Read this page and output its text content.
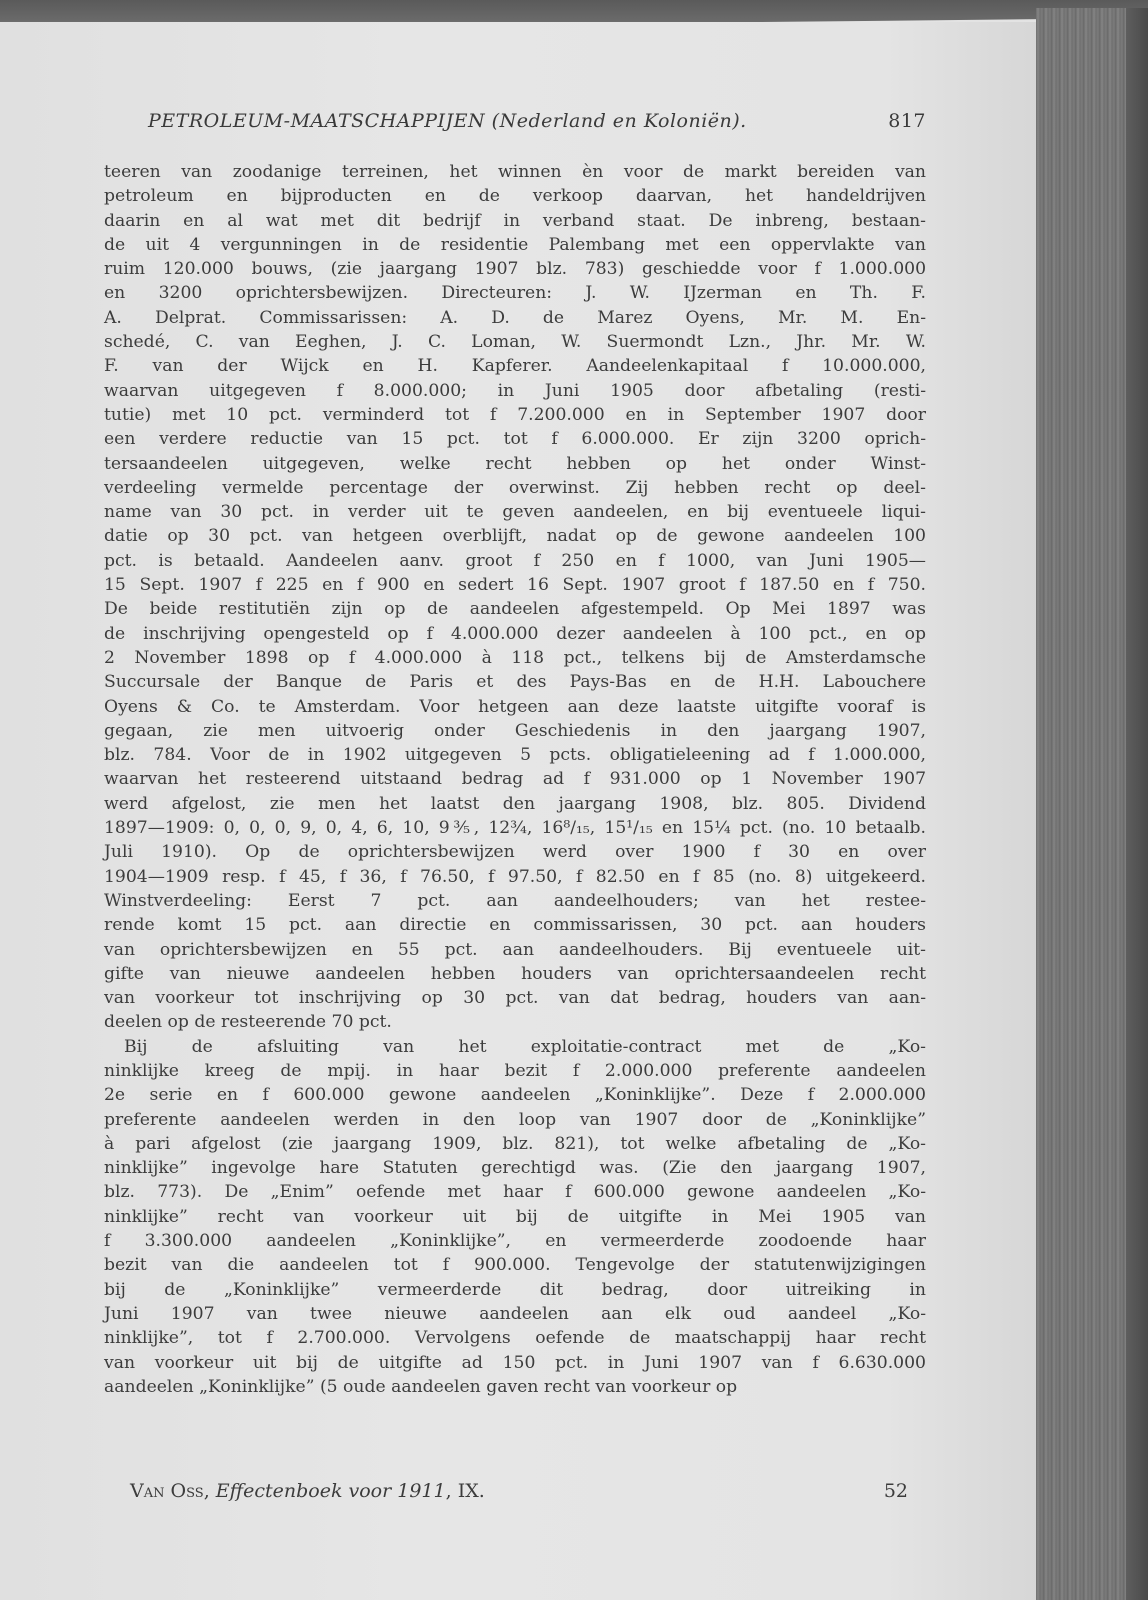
PETROLEUM-MAATSCHAPPIJEN (Nederland en Koloniën).	817
teeren van zoodanige terreinen, het winnen èn voor de markt bereiden van
petroleum en bijproducten en de verkoop daarvan, het handeldrijven
daarin en al wat met dit bedrijf in verband staat. De inbreng, bestaan-
de uit 4 vergunningen in de residentie Palembang met een oppervlakte van
ruim 120.000 bouws, (zie jaargang 1907 blz. 783) geschiedde voor f 1.000.000
en 3200 oprichtersbewijzen. Directeuren: J. W. IJzerman en Th. F.
A. Delprat. Commissarissen: A. D. de Marez Oyens, Mr. M. En-
schedé, C. van Eeghen, J. C. Loman, W. Suermondt Lzn., Jhr. Mr. W.
F. van der Wijck en H. Kapferer. Aandeelenkapitaal f 10.000.000,
waarvan uitgegeven f 8.000.000; in Juni 1905 door afbetaling (resti-
tutie) met 10 pct. verminderd tot f 7.200.000 en in September 1907 door
een verdere reductie van 15 pct. tot f 6.000.000. Er zijn 3200 oprich-
tersaandeelen uitgegeven, welke recht hebben op het onder Winst-
verdeeling vermelde percentage der overwinst. Zij hebben recht op deel-
name van 30 pct. in verder uit te geven aandeelen, en bij eventueele liqui-
datie op 30 pct. van hetgeen overblijft, nadat op de gewone aandeelen 100
pct. is betaald. Aandeelen aanv. groot f 250 en f 1000, van Juni 1905—
15 Sept. 1907 f 225 en f 900 en sedert 16 Sept. 1907 groot f 187.50 en f 750.
De beide restitutiën zijn op de aandeelen afgestempeld. Op Mei 1897 was
de inschrijving opengesteld op f 4.000.000 dezer aandeelen à 100 pct., en op
2 November 1898 op f 4.000.000 à 118 pct., telkens bij de Amsterdamsche
Succursale der Banque de Paris et des Pays-Bas en de H.H. Labouchere
Oyens & Co. te Amsterdam. Voor hetgeen aan deze laatste uitgifte vooraf is
gegaan, zie men uitvoerig onder Geschiedenis in den jaargang 1907,
blz. 784. Voor de in 1902 uitgegeven 5 pcts. obligatieleening ad f 1.000.000,
waarvan het resteerend uitstaand bedrag ad f 931.000 op 1 November 1907
werd afgelost, zie men het laatst den jaargang 1908, blz. 805. Dividend
1897—1909: 0, 0, 0, 9, 0, 4, 6, 10, 9⅗, 12¾, 16⁸/₁₅, 15¹/₁₅ en 15¼ pct. (no. 10 betaalb.
Juli 1910). Op de oprichtersbewijzen werd over 1900 f 30 en over
1904—1909 resp. f 45, f 36, f 76.50, f 97.50, f 82.50 en f 85 (no. 8) uitgekeerd.
Winstverdeeling: Eerst 7 pct. aan aandeelhouders; van het restee-
rende komt 15 pct. aan directie en commissarissen, 30 pct. aan houders
van oprichtersbewijzen en 55 pct. aan aandeelhouders. Bij eventueele uit-
gifte van nieuwe aandeelen hebben houders van oprichtersaandeelen recht
van voorkeur tot inschrijving op 30 pct. van dat bedrag, houders van aan-
deelen op de resteerende 70 pct.
Bij de afsluiting van het exploitatie-contract met de „Ko-
ninklijke kreeg de mpij. in haar bezit f 2.000.000 preferente aandeelen
2e serie en f 600.000 gewone aandeelen „Koninklijke”. Deze f 2.000.000
preferente aandeelen werden in den loop van 1907 door de „Koninklijke”
à pari afgelost (zie jaargang 1909, blz. 821), tot welke afbetaling de „Ko-
ninklijke” ingevolge hare Statuten gerechtigd was. (Zie den jaargang 1907,
blz. 773). De „Enim” oefende met haar f 600.000 gewone aandeelen „Ko-
ninklijke” recht van voorkeur uit bij de uitgifte in Mei 1905 van
f 3.300.000 aandeelen „Koninklijke”, en vermeerderde zoodoende haar
bezit van die aandeelen tot f 900.000. Tengevolge der statutenwijzigingen
bij de „Koninklijke” vermeerderde dit bedrag, door uitreiking in
Juni 1907 van twee nieuwe aandeelen aan elk oud aandeel „Ko-
ninklijke”, tot f 2.700.000. Vervolgens oefende de maatschappij haar recht
van voorkeur uit bij de uitgifte ad 150 pct. in Juni 1907 van f 6.630.000
aandeelen „Koninklijke” (5 oude aandeelen gaven recht van voorkeur op
Van Oss, Effectenboek voor 1911, IX.	52
